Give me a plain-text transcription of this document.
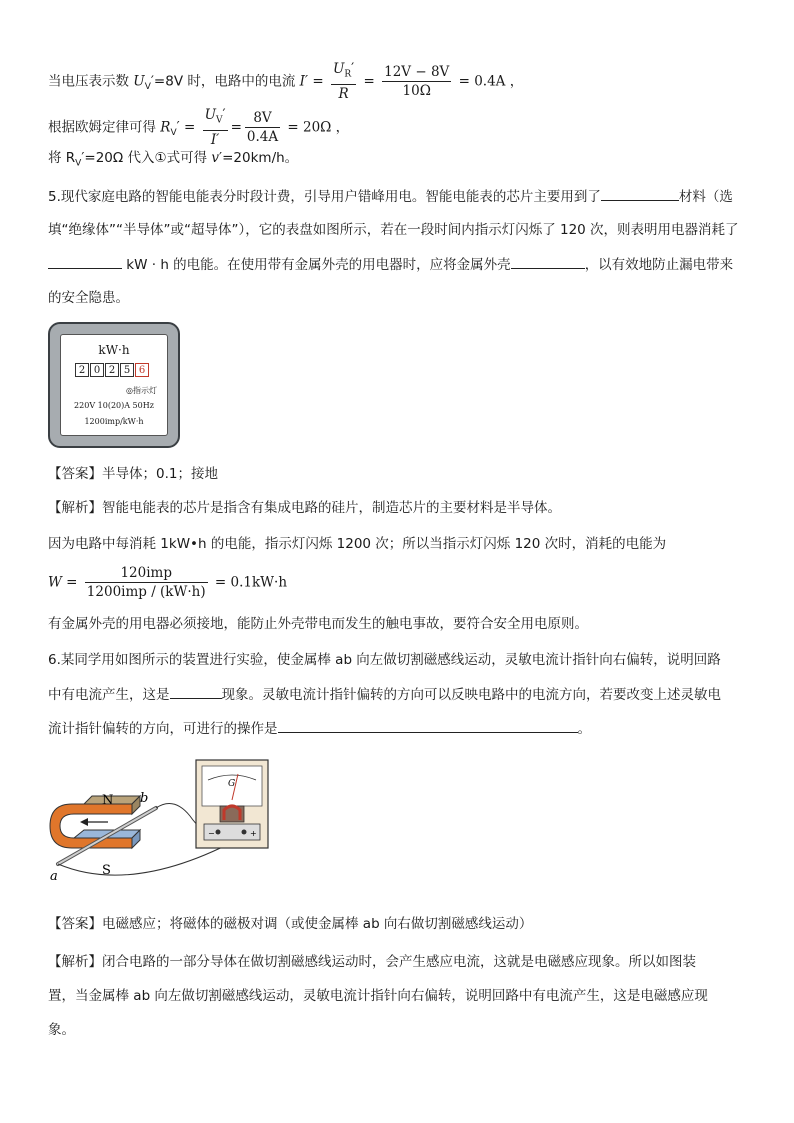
当电压表示数 $U_V'=8V$ 时，电路中的电流 $I' = \frac{U_R'}{R} = \frac{12V - 8V}{10\Omega} = 0.4A$ ，
根据欧姆定律可得 $R_V' = \frac{U_V'}{I'} = \frac{8V}{0.4A} = 20\Omega$ ，
将 $R_V'=20\Omega$ 代入①式可得 v′=20km/h。
5.现代家庭电路的智能电能表分时段计费，引导用户错峰用电。智能电能表的芯片主要用到了	材料（选
填“绝缘体”“半导体”或“超导体”），它的表盘如图所示，若在一段时间内指示灯闪烁了 120 次，则表明用电器消耗了
kW · h 的电能。在使用带有金属外壳的用电器时，应将金属外壳	，以有效地防止漏电带来
的安全隐患。
kW·h
2 0 2 5 6
◎指示灯
220V 10(20)A 50Hz
1200imp/kW·h
【答案】半导体；0.1；接地
【解析】智能电能表的芯片是指含有集成电路的硅片，制造芯片的主要材料是半导体。
因为电路中每消耗 1kW•h 的电能，指示灯闪烁 1200 次；所以当指示灯闪烁 120 次时，消耗的电能为
$W = \frac{\text{120imp}}{\text{1200imp / (kW·h)}} = 0.1kW\cdot h$
有金属外壳的用电器必须接地，能防止外壳带电而发生的触电事故，要符合安全用电原则。
6.某同学用如图所示的装置进行实验，使金属棒 ab 向左做切割磁感线运动，灵敏电流计指针向右偏转，说明回路
中有电流产生，这是	现象。灵敏电流计指针偏转的方向可以反映电路中的电流方向，若要改变上述灵敏电
流计指针偏转的方向，可进行的操作是	。
N
S
a
b
G
−	+
【答案】电磁感应；将磁体的磁极对调（或使金属棒 ab 向右做切割磁感线运动）
【解析】闭合电路的一部分导体在做切割磁感线运动时，会产生感应电流，这就是电磁感应现象。所以如图装
置，当金属棒 ab 向左做切割磁感线运动，灵敏电流计指针向右偏转，说明回路中有电流产生，这是电磁感应现
象。
